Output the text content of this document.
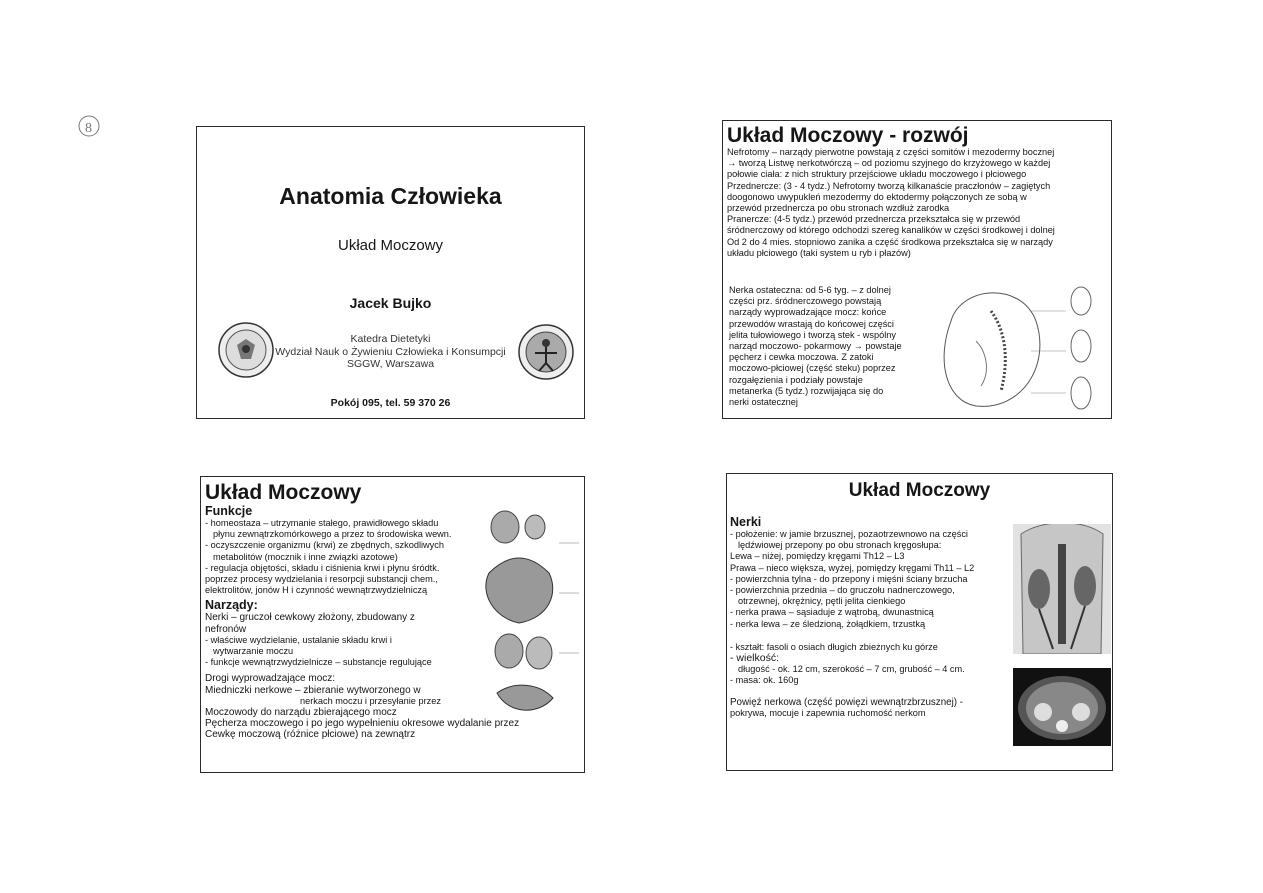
8
Anatomia Człowieka
Układ Moczowy
Jacek Bujko
Katedra Dietetyki
Wydział Nauk o Żywieniu Człowieka i Konsumpcji
SGGW, Warszawa
Pokój 095, tel. 59 370 26
Układ Moczowy - rozwój
Nefrotomy – narządy pierwotne powstają z części somitów i mezodermy bocznej
→ tworzą Listwę nerkotwórczą – od poziomu szyjnego do krzyżowego w każdej
połowie ciała: z nich struktury przejściowe układu moczowego i płciowego
Przednercze: (3 - 4 tydz.) Nefrotomy tworzą kilkanaście praczłonów – zagiętych
doogonowo uwypukleń mezodermy do ektodermy połączonych ze sobą w
przewód przednercza po obu stronach wzdłuż zarodka
Pranercze: (4-5 tydz.) przewód przednercza przekształca się w przewód
śródnerczowy od którego odchodzi szereg kanalików w części środkowej i dolnej
Od 2 do 4 mies. stopniowo zanika a część środkowa przekształca się w narządy
układu płciowego (taki system u ryb i płazów)
Nerka ostateczna: od 5-6 tyg. – z dolnej
części prz. śródnerczowego powstają
narządy wyprowadzające mocz: końce
przewodów wrastają do końcowej części
jelita tułowiowego i tworzą stek - wspólny
narząd moczowo- pokarmowy → powstaje
pęcherz i cewka moczowa. Z zatoki
moczowo-płciowej (część steku) poprzez
rozgałęzienia i podziały powstaje
metanerka (5 tydz.) rozwijająca się do
nerki ostatecznej
Układ Moczowy
Funkcje
- homeostaza – utrzymanie stałego, prawidłowego składu
płynu zewnątrzkomórkowego a przez to środowiska wewn.
- oczyszczenie organizmu (krwi) ze zbędnych, szkodliwych
metabolitów (mocznik i inne związki azotowe)
- regulacja objętości, składu i ciśnienia krwi i płynu śródtk.
poprzez procesy wydzielania i resorpcji substancji chem.,
elektrolitów, jonów H i czynność wewnątrzwydzielniczą
Narządy:
Nerki – gruczoł cewkowy złożony, zbudowany z
nefronów
- właściwe wydzielanie, ustalanie składu krwi i
wytwarzanie moczu
- funkcje wewnątrzwydzielnicze – substancje regulujące
Drogi wyprowadzające mocz:
Miedniczki nerkowe – zbieranie wytworzonego w
nerkach moczu i przesyłanie przez
Moczowody do narządu zbierającego mocz
Pęcherza moczowego i po jego wypełnieniu okresowe wydalanie przez
Cewkę moczową (różnice płciowe) na zewnątrz
Układ Moczowy
Nerki
- położenie: w jamie brzusznej, pozaotrzewnowo na części
lędźwiowej przepony po obu stronach kręgosłupa:
Lewa – niżej, pomiędzy kręgami Th12 – L3
Prawa – nieco większa, wyżej, pomiędzy kręgami Th11 – L2
- powierzchnia tylna - do przepony i mięśni ściany brzucha
- powierzchnia przednia – do gruczołu nadnerczowego,
otrzewnej, okrężnicy, pętli jelita cienkiego
- nerka prawa – sąsiaduje z wątrobą, dwunastnicą
- nerka lewa – ze śledzioną, żołądkiem, trzustką
- kształt: fasoli o osiach długich zbieżnych ku górze
- wielkość:
długość - ok. 12 cm, szerokość – 7 cm, grubość – 4 cm.
- masa: ok. 160g
Powięź nerkowa (część powięzi wewnątrzbrzusznej) -
pokrywa, mocuje i zapewnia ruchomość nerkom
